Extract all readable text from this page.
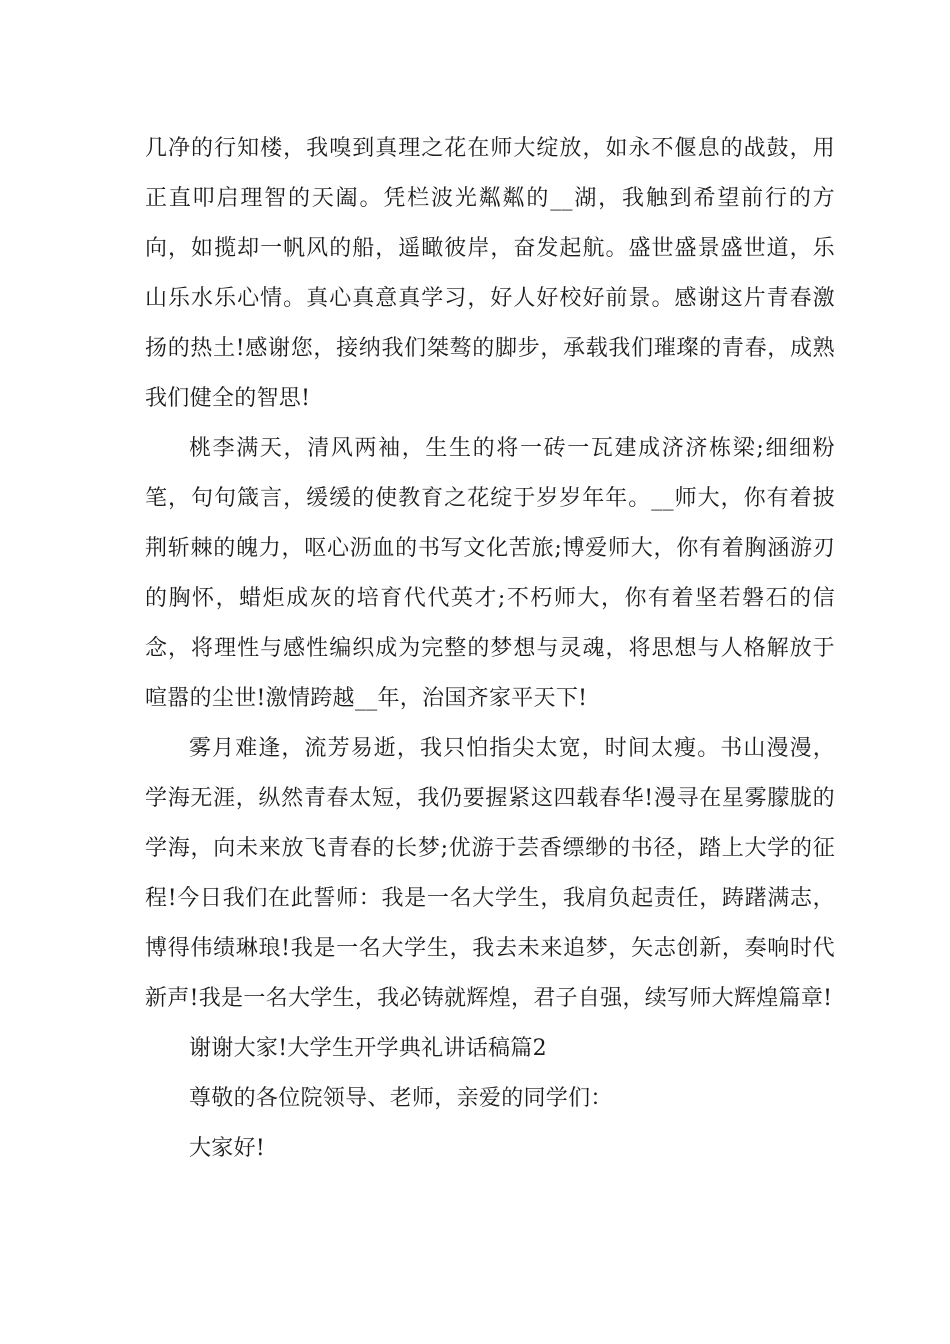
几净的行知楼，我嗅到真理之花在师大绽放，如永不偃息的战鼓，用正直叩启理智的天阖。凭栏波光粼粼的__湖，我触到希望前行的方向，如揽却一帆风的船，遥瞰彼岸，奋发起航。盛世盛景盛世道，乐山乐水乐心情。真心真意真学习，好人好校好前景。感谢这片青春激扬的热土!感谢您，接纳我们桀骜的脚步，承载我们璀璨的青春，成熟我们健全的智思!

桃李满天，清风两袖，生生的将一砖一瓦建成济济栋梁;细细粉笔，句句箴言，缓缓的使教育之花绽于岁岁年年。__师大，你有着披荆斩棘的魄力，呕心沥血的书写文化苦旅;博爱师大，你有着胸涵游刃的胸怀，蜡炬成灰的培育代代英才;不朽师大，你有着坚若磐石的信念，将理性与感性编织成为完整的梦想与灵魂，将思想与人格解放于喧嚣的尘世!激情跨越__年，治国齐家平天下!

雾月难逢，流芳易逝，我只怕指尖太宽，时间太瘦。书山漫漫，学海无涯，纵然青春太短，我仍要握紧这四载春华!漫寻在星雾朦胧的学海，向未来放飞青春的长梦;优游于芸香缥缈的书径，踏上大学的征程!今日我们在此誓师：我是一名大学生，我肩负起责任，踌躇满志，博得伟绩琳琅!我是一名大学生，我去未来追梦，矢志创新，奏响时代新声!我是一名大学生，我必铸就辉煌，君子自强，续写师大辉煌篇章!

谢谢大家!大学生开学典礼讲话稿篇2

尊敬的各位院领导、老师，亲爱的同学们：

大家好!
